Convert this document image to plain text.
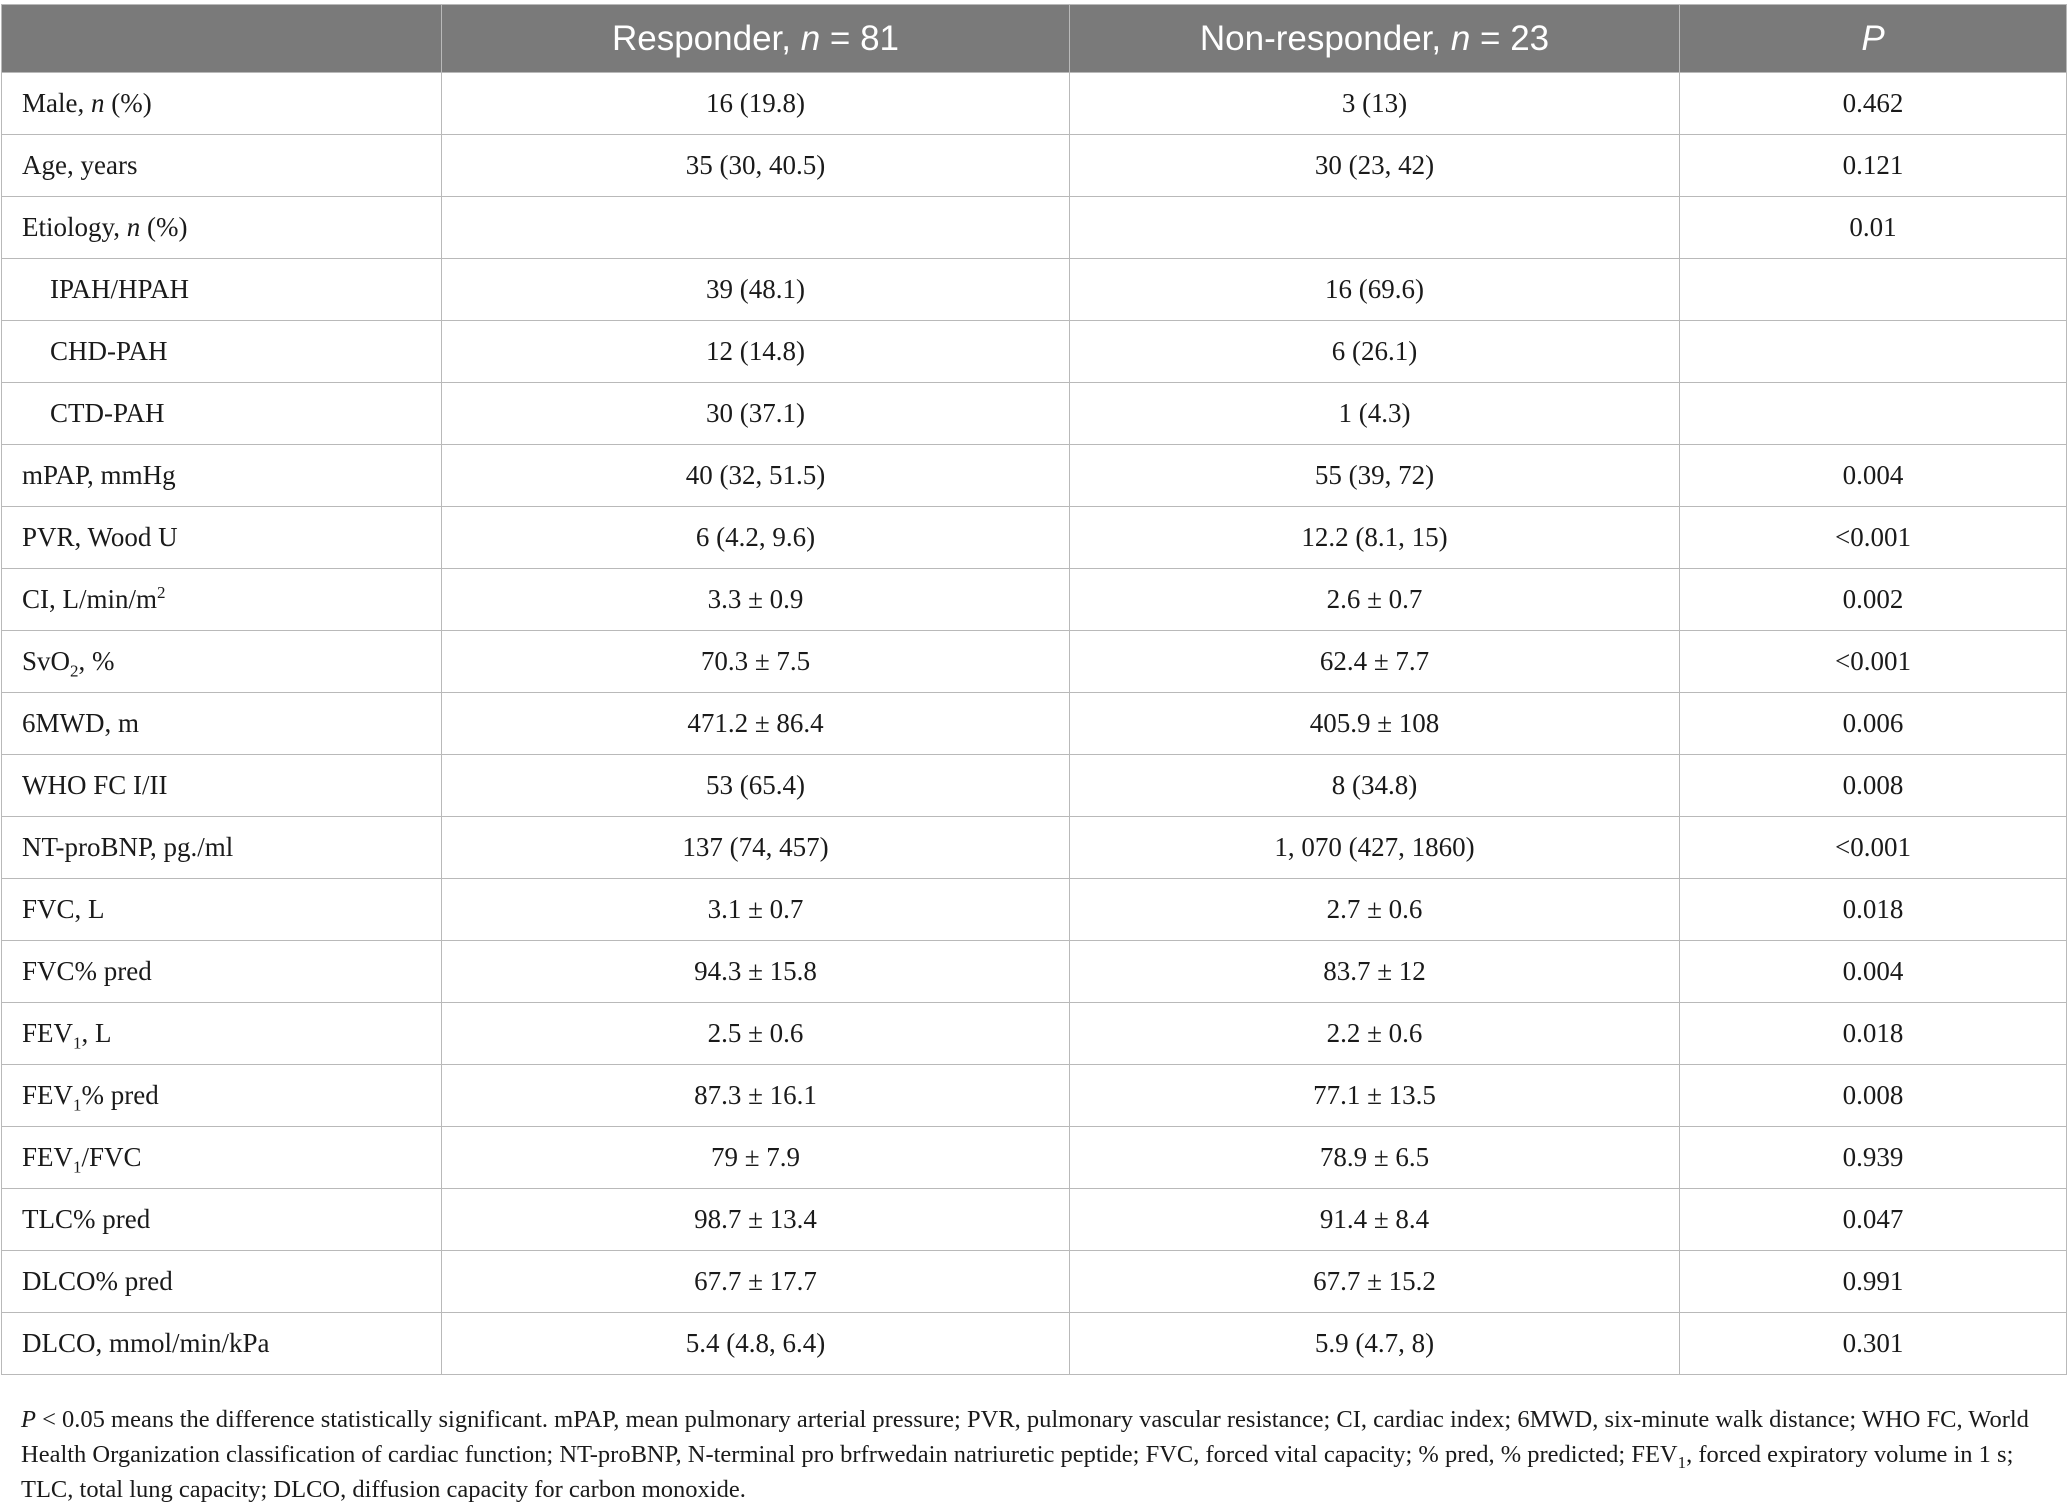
	Responder, n = 81	Non-responder, n = 23	P
Male, n (%)	16 (19.8)	3 (13)	0.462
Age, years	35 (30, 40.5)	30 (23, 42)	0.121
Etiology, n (%)			0.01
IPAH/HPAH	39 (48.1)	16 (69.6)	
CHD-PAH	12 (14.8)	6 (26.1)	
CTD-PAH	30 (37.1)	1 (4.3)	
mPAP, mmHg	40 (32, 51.5)	55 (39, 72)	0.004
PVR, Wood U	6 (4.2, 9.6)	12.2 (8.1, 15)	<0.001
CI, $L/\min/m^2$	3.3 ± 0.9	2.6 ± 0.7	0.002
SvO$_2$, %	70.3 ± 7.5	62.4 ± 7.7	<0.001
6MWD, m	471.2 ± 86.4	405.9 ± 108	0.006
WHO FC I/II	53 (65.4)	8 (34.8)	0.008
NT-proBNP, pg./ml	137 (74, 457)	1, 070 (427, 1860)	<0.001
FVC, L	3.1 ± 0.7	2.7 ± 0.6	0.018
FVC% pred	94.3 ± 15.8	83.7 ± 12	0.004
$FEV_1$, L	2.5 ± 0.6	2.2 ± 0.6	0.018
$FEV_1\%$ pred	87.3 ± 16.1	77.1 ± 13.5	0.008
$FEV_1$/FVC	79 ± 7.9	78.9 ± 6.5	0.939
TLC% pred	98.7 ± 13.4	91.4 ± 8.4	0.047
DLCO% pred	67.7 ± 17.7	67.7 ± 15.2	0.991
DLCO, mmol/min/kPa	5.4 (4.8, 6.4)	5.9 (4.7, 8)	0.301

P < 0.05 means the difference statistically significant. mPAP, mean pulmonary arterial pressure; PVR, pulmonary vascular resistance; CI, cardiac index; 6MWD, six-minute walk distance; WHO FC, World Health Organization classification of cardiac function; NT-proBNP, N-terminal pro brfrwedain natriuretic peptide; FVC, forced vital capacity; % pred, % predicted; $FEV_1$, forced expiratory volume in 1 s; TLC, total lung capacity; DLCO, diffusion capacity for carbon monoxide.
